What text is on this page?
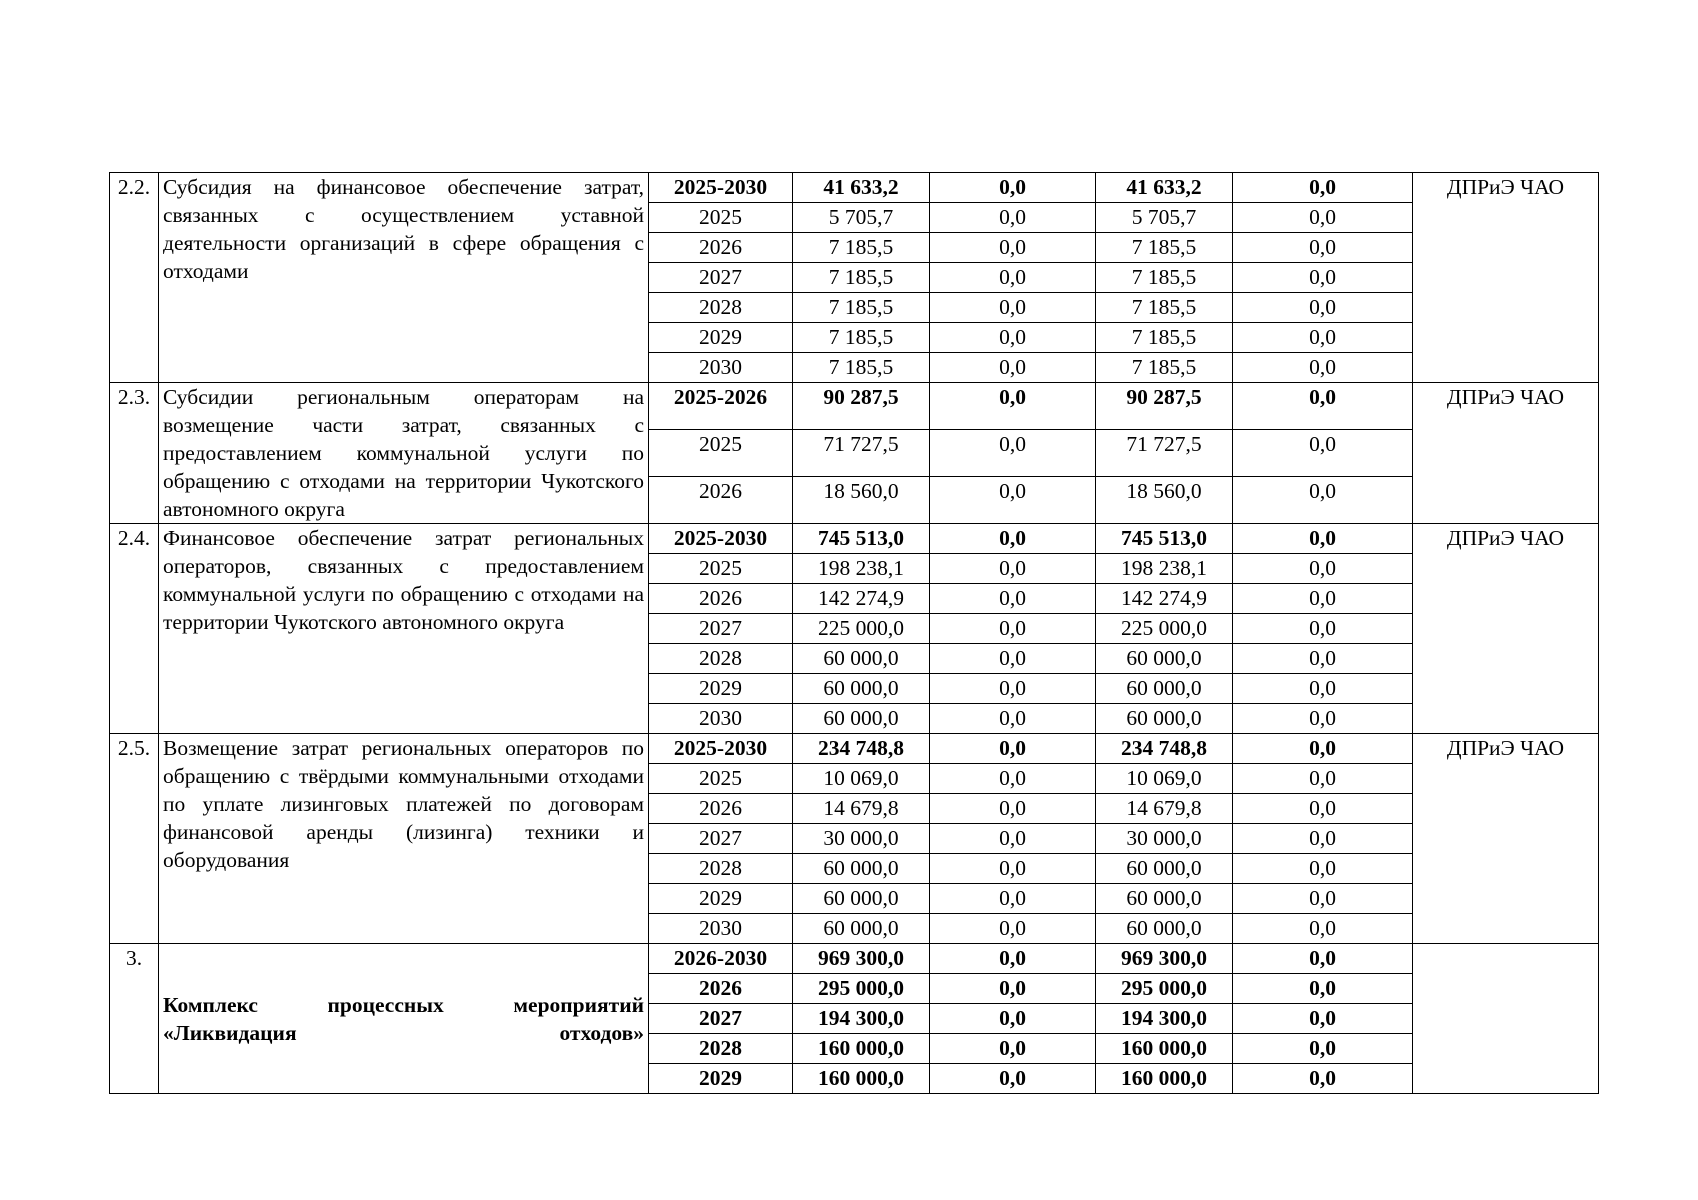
2.2.	Субсидия на финансовое обеспечение затрат, связанных с осуществлением уставной деятельности организаций в сфере обращения с отходами	2025-2030	41 633,2	0,0	41 633,2	0,0	ДПРиЭ ЧАО
		2025	5 705,7	0,0	5 705,7	0,0	
		2026	7 185,5	0,0	7 185,5	0,0	
		2027	7 185,5	0,0	7 185,5	0,0	
		2028	7 185,5	0,0	7 185,5	0,0	
		2029	7 185,5	0,0	7 185,5	0,0	
		2030	7 185,5	0,0	7 185,5	0,0	
2.3.	Субсидии региональным операторам на возмещение части затрат, связанных с предоставлением коммунальной услуги по обращению с отходами на территории Чукотского автономного округа	2025-2026	90 287,5	0,0	90 287,5	0,0	ДПРиЭ ЧАО
		2025	71 727,5	0,0	71 727,5	0,0	
		2026	18 560,0	0,0	18 560,0	0,0	
2.4.	Финансовое обеспечение затрат региональных операторов, связанных с предоставлением коммунальной услуги по обращению с отходами на территории Чукотского автономного округа	2025-2030	745 513,0	0,0	745 513,0	0,0	ДПРиЭ ЧАО
		2025	198 238,1	0,0	198 238,1	0,0	
		2026	142 274,9	0,0	142 274,9	0,0	
		2027	225 000,0	0,0	225 000,0	0,0	
		2028	60 000,0	0,0	60 000,0	0,0	
		2029	60 000,0	0,0	60 000,0	0,0	
		2030	60 000,0	0,0	60 000,0	0,0	
2.5.	Возмещение затрат региональных операторов по обращению с твёрдыми коммунальными отходами по уплате лизинговых платежей по договорам финансовой аренды (лизинга) техники и оборудования	2025-2030	234 748,8	0,0	234 748,8	0,0	ДПРиЭ ЧАО
		2025	10 069,0	0,0	10 069,0	0,0	
		2026	14 679,8	0,0	14 679,8	0,0	
		2027	30 000,0	0,0	30 000,0	0,0	
		2028	60 000,0	0,0	60 000,0	0,0	
		2029	60 000,0	0,0	60 000,0	0,0	
		2030	60 000,0	0,0	60 000,0	0,0	
3.	Комплекс процессных мероприятий «Ликвидация отходов»	2026-2030	969 300,0	0,0	969 300,0	0,0	
		2026	295 000,0	0,0	295 000,0	0,0	
		2027	194 300,0	0,0	194 300,0	0,0	
		2028	160 000,0	0,0	160 000,0	0,0	
		2029	160 000,0	0,0	160 000,0	0,0	
